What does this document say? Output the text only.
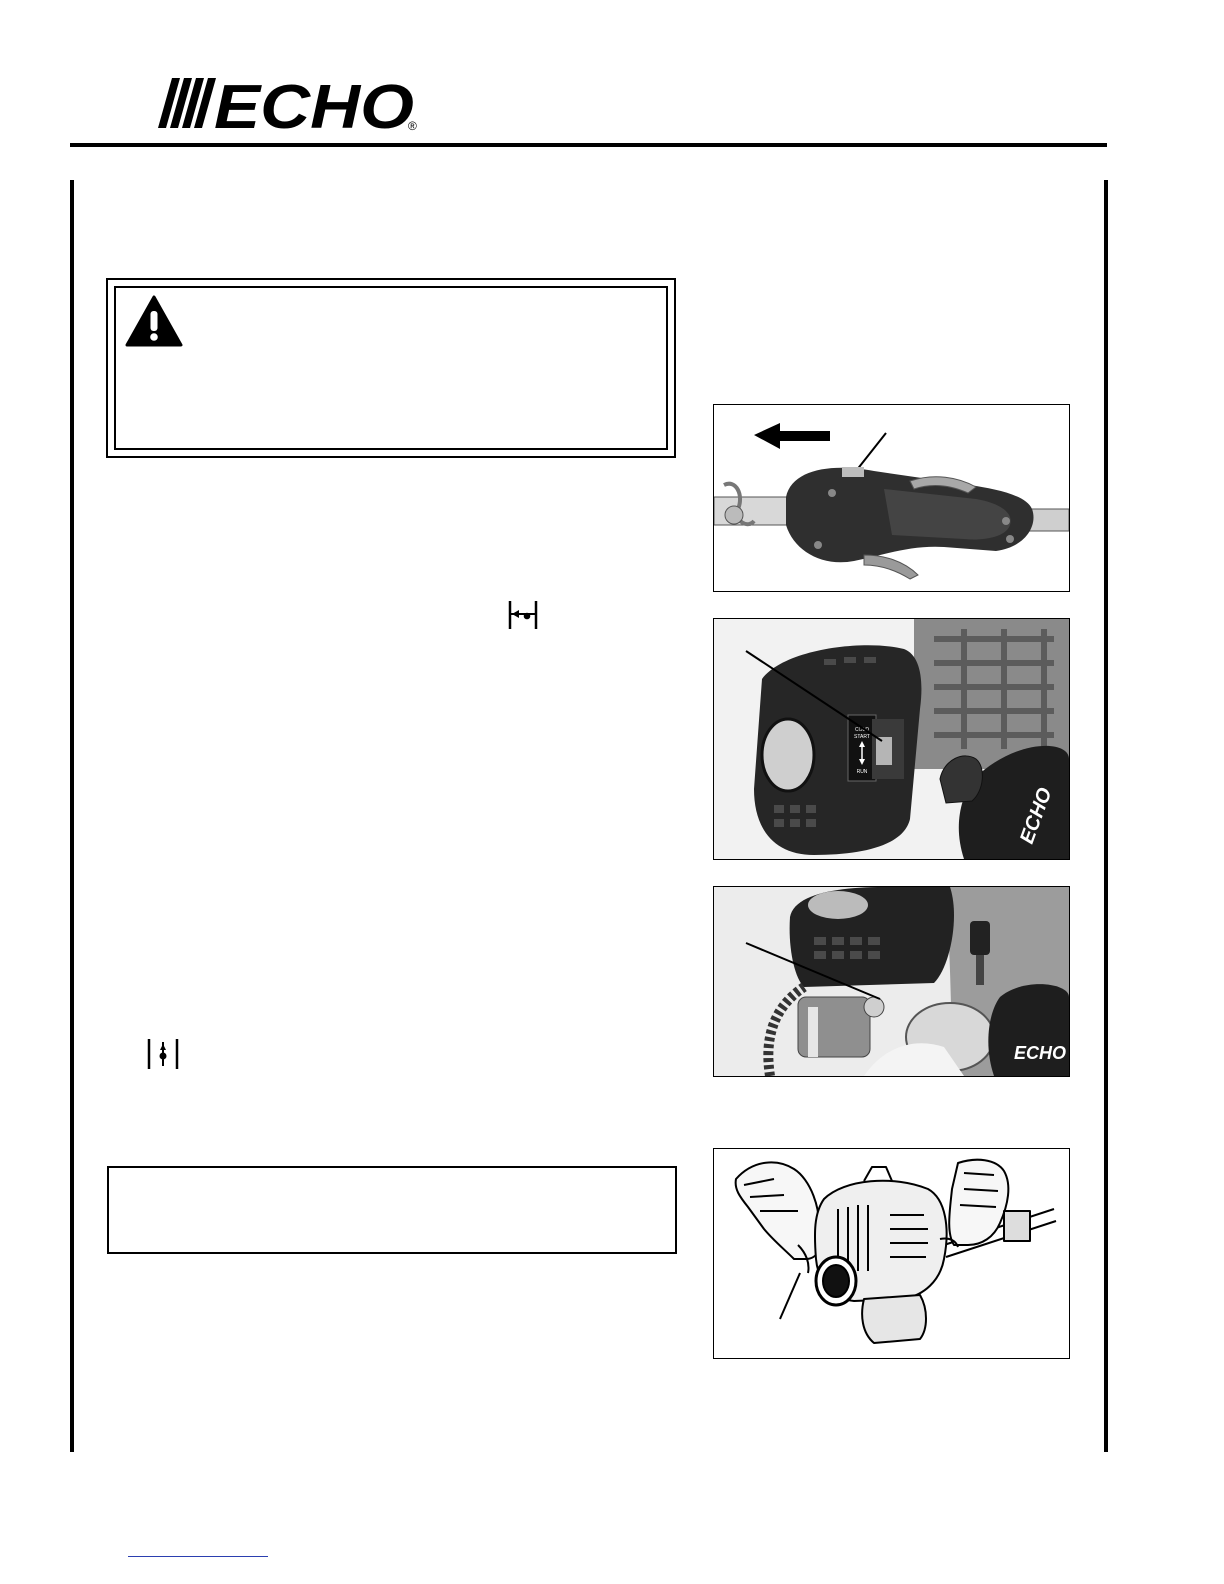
ECHO
®
ECHO
COLD
START
RUN
ECHO
